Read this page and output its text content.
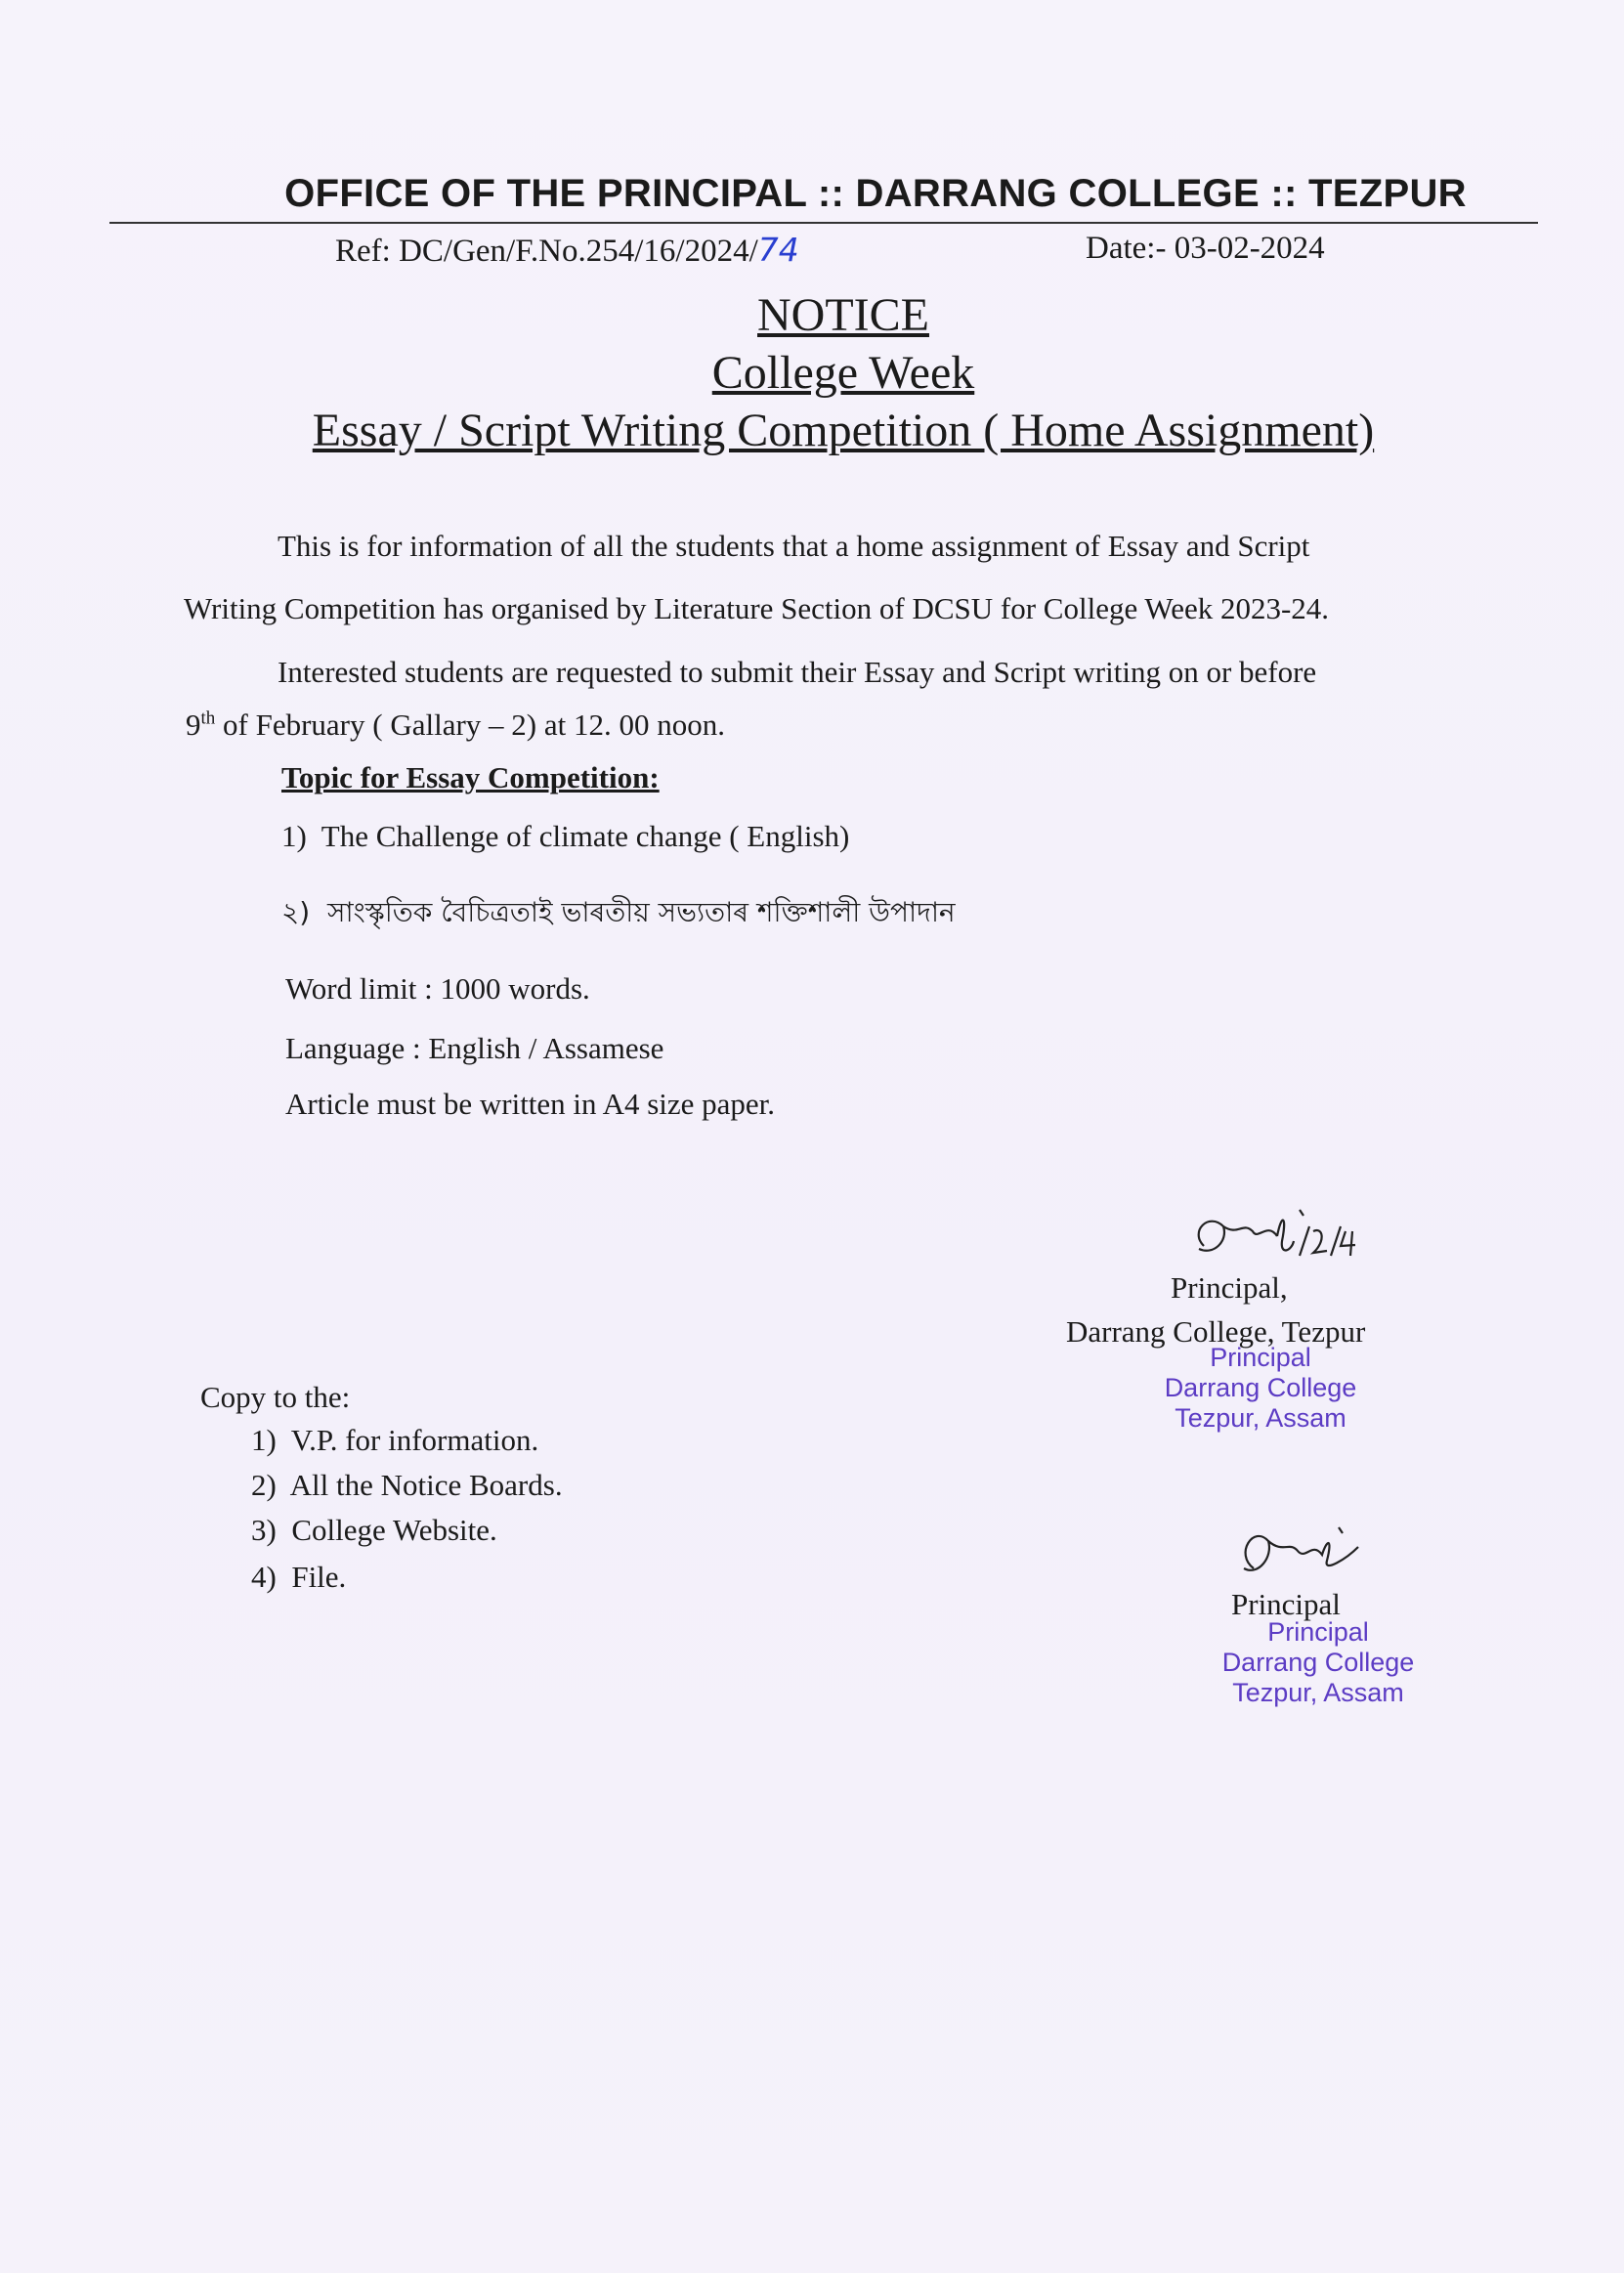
OFFICE OF THE PRINCIPAL :: DARRANG COLLEGE :: TEZPUR
Ref: DC/Gen/F.No.254/16/2024/74	Date:- 03-02-2024
NOTICE
College Week
Essay / Script Writing Competition ( Home Assignment)
This is for information of all the students that a home assignment of Essay and Script
Writing Competition has organised by Literature Section of DCSU for College Week 2023-24.
Interested students are requested to submit their Essay and Script writing on or before
9th of February ( Gallary – 2) at 12. 00 noon.
Topic for Essay Competition:
1) The Challenge of climate change ( English)
২) সাংস্কৃতিক বৈচিত্ৰতাই ভাৰতীয় সভ্যতাৰ শক্তিশালী উপাদান
Word limit : 1000 words.
Language : English / Assamese
Article must be written in A4 size paper.
Principal,
Darrang College, Tezpur
Principal
Darrang College
Tezpur, Assam
Copy to the:
1) V.P. for information.
2) All the Notice Boards.
3) College Website.
4) File.
Principal
Principal
Darrang College
Tezpur, Assam
